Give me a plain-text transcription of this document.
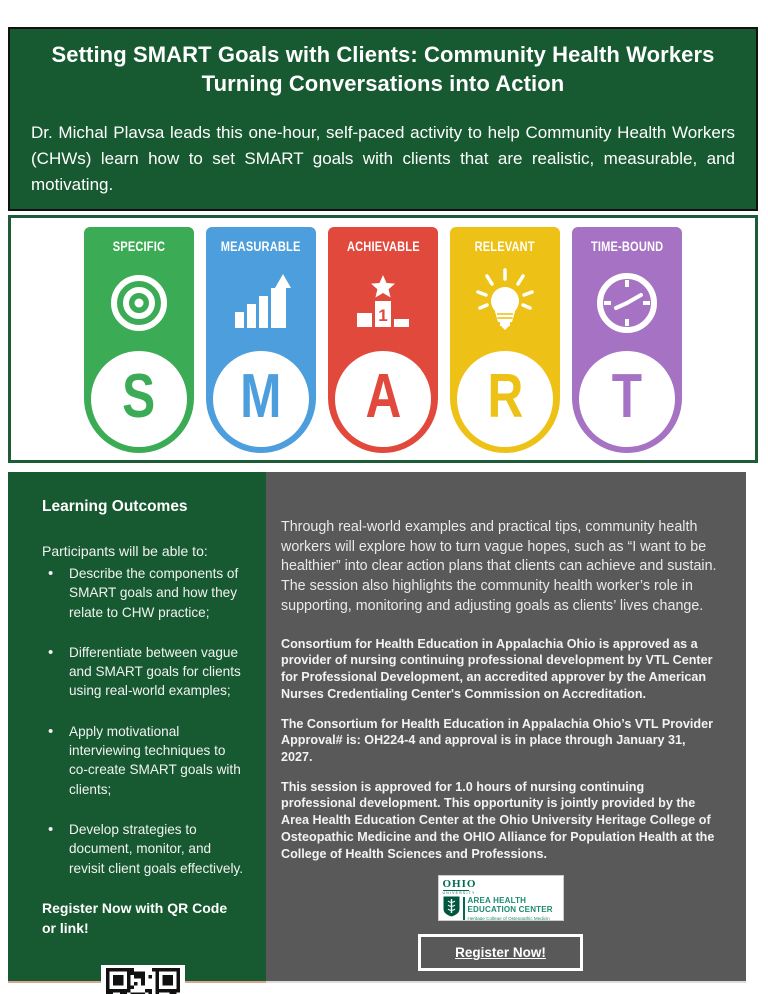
Setting SMART Goals with Clients: Community Health Workers Turning Conversations into Action

Dr. Michal Plavsa leads this one-hour, self-paced activity to help Community Health Workers (CHWs) learn how to set SMART goals with clients that are realistic, measurable, and motivating.

SPECIFIC
S
MEASURABLE
M
ACHIEVABLE
1
A
RELEVANT
R
TIME-BOUND
T
Learning Outcomes
Participants will be able to:
• Describe the components of SMART goals and how they relate to CHW practice;
• Differentiate between vague and SMART goals for clients using real-world examples;
• Apply motivational interviewing techniques to co-create SMART goals with clients;
• Develop strategies to document, monitor, and revisit client goals effectively.
Register Now with QR Code or link!

Through real-world examples and practical tips, community health workers will explore how to turn vague hopes, such as “I want to be healthier” into clear action plans that clients can achieve and sustain. The session also highlights the community health worker’s role in supporting, monitoring and adjusting goals as clients’ lives change.

Consortium for Health Education in Appalachia Ohio is approved as a provider of nursing continuing professional development by VTL Center for Professional Development, an accredited approver by the American Nurses Credentialing Center's Commission on Accreditation.

The Consortium for Health Education in Appalachia Ohio’s VTL Provider Approval# is: OH224-4 and approval is in place through January 31, 2027.

This session is approved for 1.0 hours of nursing continuing professional development. This opportunity is jointly provided by the Area Health Education Center at the Ohio University Heritage College of Osteopathic Medicine and the OHIO Alliance for Population Health at the College of Health Sciences and Professions.

OHIO
UNIVERSITY
AREA HEALTH
EDUCATION CENTER
Heritage College of Osteopathic Medicin
Register Now!
